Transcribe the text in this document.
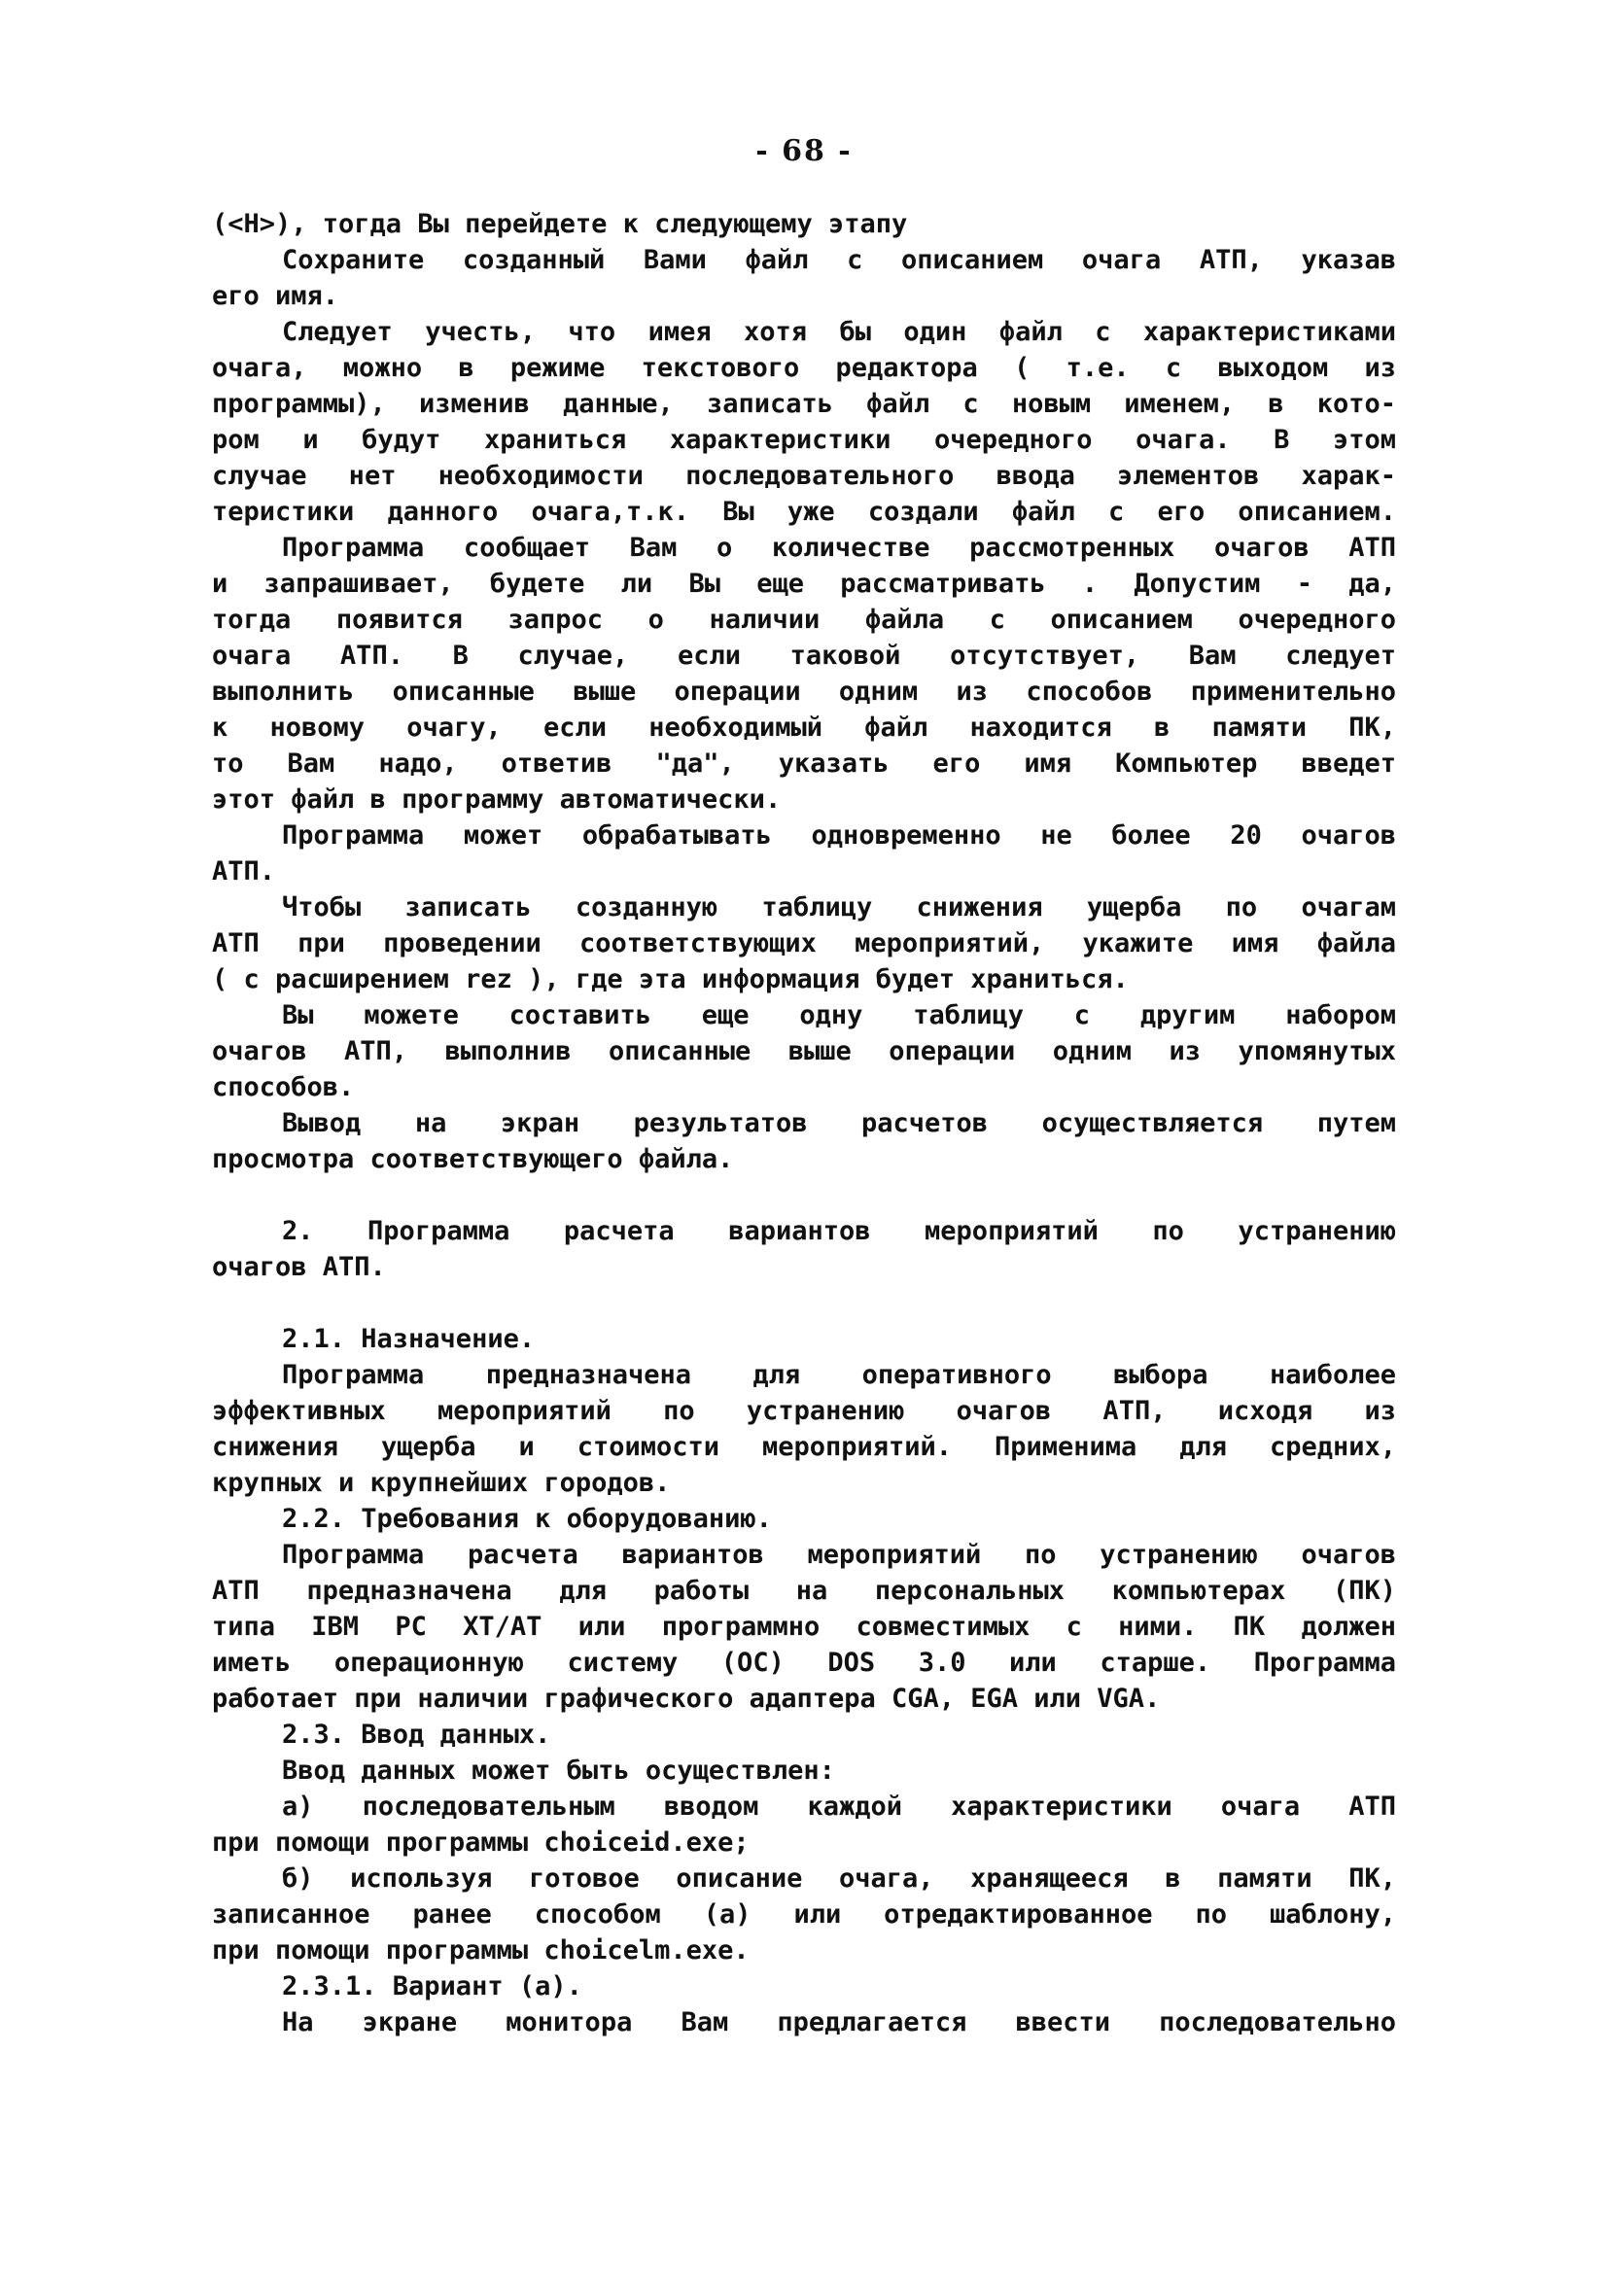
- 68 -
(<Н>), тогда Вы перейдете к следующему этапу
Сохраните созданный Вами файл с описанием очага АТП, указав
его имя.
Следует учесть, что имея хотя бы один файл с характеристиками
очага, можно в режиме текстового редактора ( т.е. с выходом из
программы), изменив данные, записать файл с новым именем, в кото-
ром и будут храниться характеристики очередного очага. В этом
случае нет необходимости последовательного ввода элементов харак-
теристики данного очага,т.к. Вы уже создали файл с его описанием.
Программа сообщает Вам о количестве рассмотренных очагов АТП
и запрашивает, будете ли Вы еще рассматривать . Допустим - да,
тогда появится запрос о наличии файла с описанием очередного
очага АТП. В случае, если таковой отсутствует, Вам следует
выполнить описанные выше операции одним из способов применительно
к новому очагу, если необходимый файл находится в памяти ПК,
то Вам надо, ответив "да", указать его имя Компьютер введет
этот файл в программу автоматически.
Программа может обрабатывать одновременно не более 20 очагов
АТП.
Чтобы записать созданную таблицу снижения ущерба по очагам
АТП при проведении соответствующих мероприятий, укажите имя файла
( с расширением rez ), где эта информация будет храниться.
Вы можете составить еще одну таблицу с другим набором
очагов АТП, выполнив описанные выше операции одним из упомянутых
способов.
Вывод на экран результатов расчетов осуществляется путем
просмотра соответствующего файла.
2. Программа расчета вариантов мероприятий по устранению
очагов АТП.
2.1. Назначение.
Программа предназначена для оперативного выбора наиболее
эффективных мероприятий по устранению очагов АТП, исходя из
снижения ущерба и стоимости мероприятий. Применима для средних,
крупных и крупнейших городов.
2.2. Требования к оборудованию.
Программа расчета вариантов мероприятий по устранению очагов
АТП предназначена для работы на персональных компьютерах (ПК)
типа IBM PC XT/AT или программно совместимых с ними. ПК должен
иметь операционную систему (ОС) DOS 3.0 или старше. Программа
работает при наличии графического адаптера CGA, EGA или VGA.
2.3. Ввод данных.
Ввод данных может быть осуществлен:
а) последовательным вводом каждой характеристики очага АТП
при помощи программы choiceid.exe;
б) используя готовое описание очага, хранящееся в памяти ПК,
записанное ранее способом (а) или отредактированное по шаблону,
при помощи программы choicelm.exe.
2.3.1. Вариант (а).
На экране монитора Вам предлагается ввести последовательно
